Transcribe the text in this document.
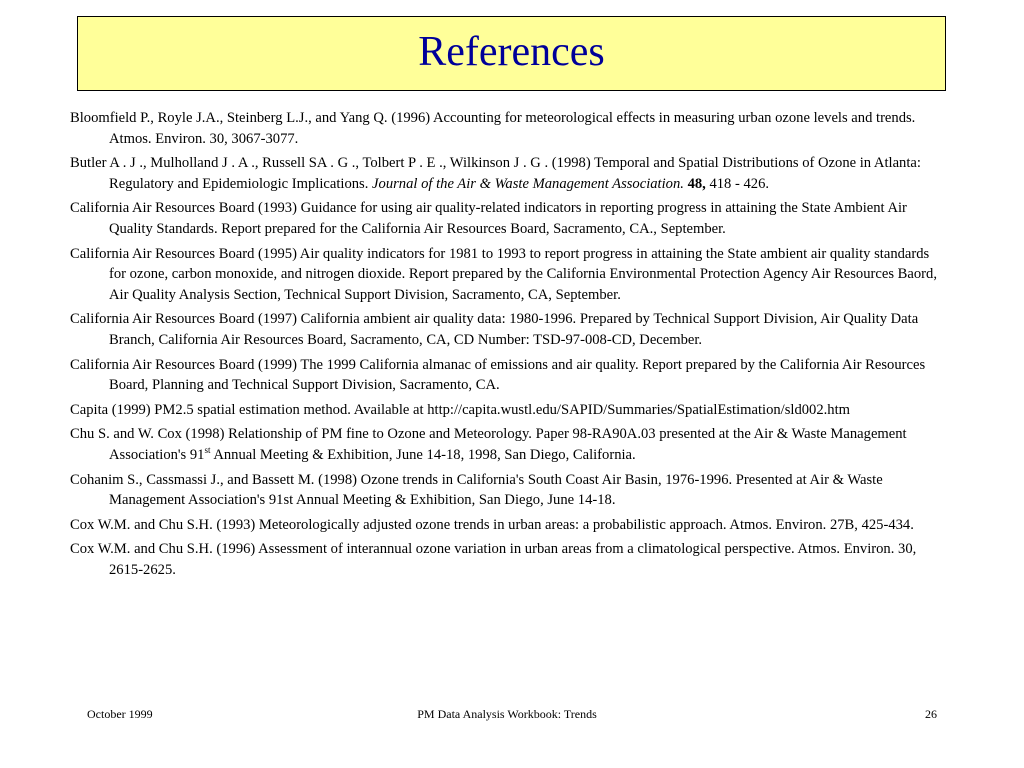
References

Bloomfield P., Royle J.A., Steinberg L.J., and Yang Q. (1996) Accounting for meteorological effects in measuring urban ozone levels and trends. Atmos. Environ. 30, 3067-3077.

Butler A . J ., Mulholland J . A ., Russell SA . G ., Tolbert P . E ., Wilkinson J . G . (1998) Temporal and Spatial Distributions of Ozone in Atlanta: Regulatory and Epidemiologic Implications. Journal of the Air & Waste Management Association. 48, 418 - 426.

California Air Resources Board (1993) Guidance for using air quality-related indicators in reporting progress in attaining the State Ambient Air Quality Standards. Report prepared for the California Air Resources Board, Sacramento, CA., September.

California Air Resources Board (1995) Air quality indicators for 1981 to 1993 to report progress in attaining the State ambient air quality standards for ozone, carbon monoxide, and nitrogen dioxide. Report prepared by the California Environmental Protection Agency Air Resources Baord, Air Quality Analysis Section, Technical Support Division, Sacramento, CA, September.

California Air Resources Board (1997) California ambient air quality data: 1980-1996. Prepared by Technical Support Division, Air Quality Data Branch, California Air Resources Board, Sacramento, CA, CD Number: TSD-97-008-CD, December.

California Air Resources Board (1999) The 1999 California almanac of emissions and air quality. Report prepared by the California Air Resources Board, Planning and Technical Support Division, Sacramento, CA.

Capita (1999) PM2.5 spatial estimation method. Available at http://capita.wustl.edu/SAPID/Summaries/SpatialEstimation/sld002.htm

Chu S. and W. Cox (1998) Relationship of PM fine to Ozone and Meteorology. Paper 98-RA90A.03 presented at the Air & Waste Management Association's 91st Annual Meeting & Exhibition, June 14-18, 1998, San Diego, California.

Cohanim S., Cassmassi J., and Bassett M. (1998) Ozone trends in California's South Coast Air Basin, 1976-1996. Presented at Air & Waste Management Association's 91st Annual Meeting & Exhibition, San Diego, June 14-18.

Cox W.M. and Chu S.H. (1993) Meteorologically adjusted ozone trends in urban areas: a probabilistic approach. Atmos. Environ. 27B, 425-434.

Cox W.M. and Chu S.H. (1996) Assessment of interannual ozone variation in urban areas from a climatological perspective. Atmos. Environ. 30, 2615-2625.

October 1999	PM Data Analysis Workbook: Trends	26
